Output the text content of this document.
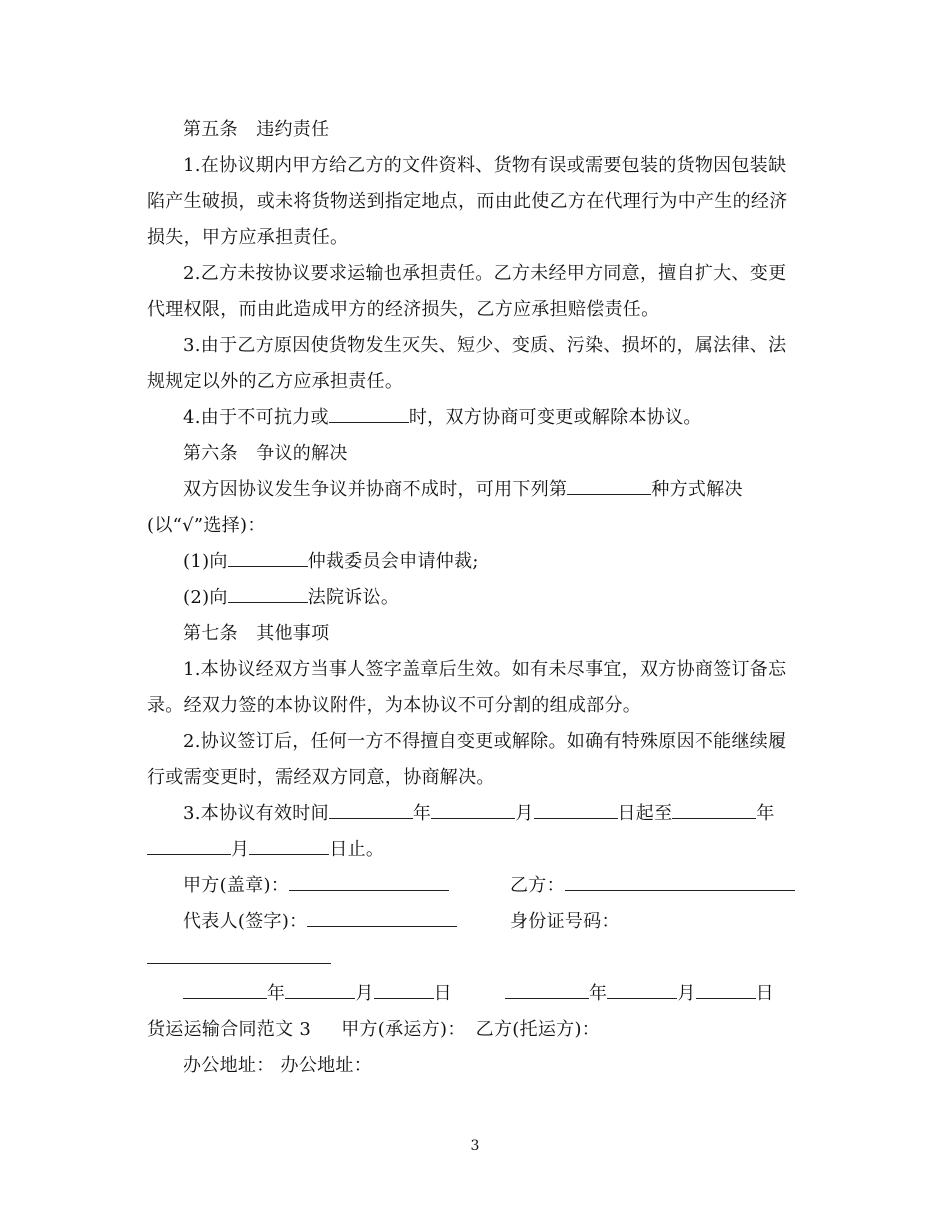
第五条　违约责任
1.在协议期内甲方给乙方的文件资料、货物有误或需要包装的货物因包装缺
陷产生破损，或未将货物送到指定地点，而由此使乙方在代理行为中产生的经济
损失，甲方应承担责任。
2.乙方未按协议要求运输也承担责任。乙方未经甲方同意，擅自扩大、变更
代理权限，而由此造成甲方的经济损失，乙方应承担赔偿责任。
3.由于乙方原因使货物发生灭失、短少、变质、污染、损坏的，属法律、法
规规定以外的乙方应承担责任。
4.由于不可抗力或	时，双方协商可变更或解除本协议。
第六条　争议的解决
双方因协议发生争议并协商不成时，可用下列第	种方式解决
(以“√”选择)：
(1)向	仲裁委员会申请仲裁;
(2)向	法院诉讼。
第七条　其他事项
1.本协议经双方当事人签字盖章后生效。如有未尽事宜，双方协商签订备忘
录。经双力签的本协议附件，为本协议不可分割的组成部分。
2.协议签订后，任何一方不得擅自变更或解除。如确有特殊原因不能继续履
行或需变更时，需经双方同意，协商解决。
3.本协议有效时间	年	月	日起至	年
月	日止。
甲方(盖章)：	乙方：
代表人(签字)：	身份证号码：
年	月	日	年	月	日
货运运输合同范文 3 甲方(承运方)： 乙方(托运方)：
办公地址： 办公地址：
3
